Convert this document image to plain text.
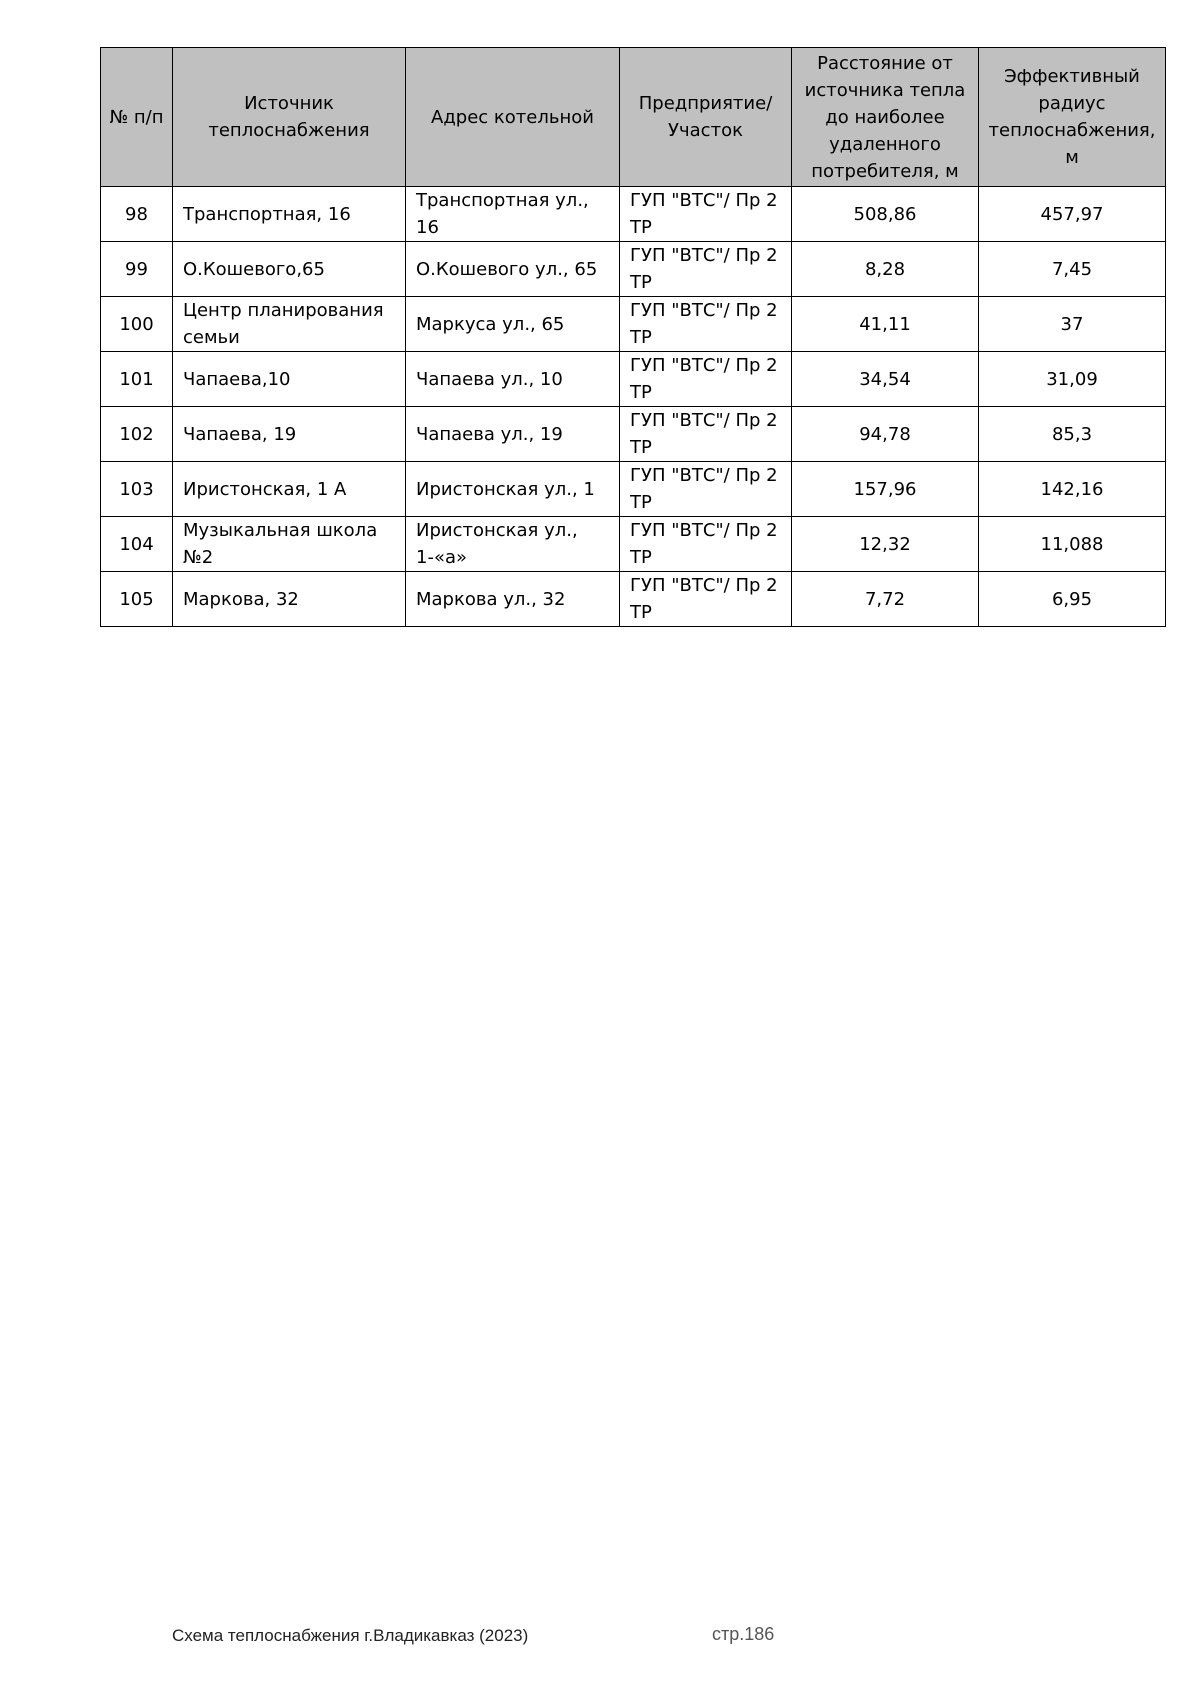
№ п/п	Источник теплоснабжения	Адрес котельной	Предприятие/ Участок	Расстояние от источника тепла до наиболее удаленного потребителя, м	Эффективный радиус теплоснабжения, м
98	Транспортная, 16	Транспортная ул., 16	ГУП "ВТС"/ Пр 2 ТР	508,86	457,97
99	О.Кошевого,65	О.Кошевого ул., 65	ГУП "ВТС"/ Пр 2 ТР	8,28	7,45
100	Центр планирования семьи	Маркуса ул., 65	ГУП "ВТС"/ Пр 2 ТР	41,11	37
101	Чапаева,10	Чапаева ул., 10	ГУП "ВТС"/ Пр 2 ТР	34,54	31,09
102	Чапаева, 19	Чапаева ул., 19	ГУП "ВТС"/ Пр 2 ТР	94,78	85,3
103	Иристонская, 1 А	Иристонская ул., 1	ГУП "ВТС"/ Пр 2 ТР	157,96	142,16
104	Музыкальная школа №2	Иристонская ул., 1-«а»	ГУП "ВТС"/ Пр 2 ТР	12,32	11,088
105	Маркова, 32	Маркова ул., 32	ГУП "ВТС"/ Пр 2 ТР	7,72	6,95
Схема теплоснабжения г.Владикавказ (2023)	стр.186
